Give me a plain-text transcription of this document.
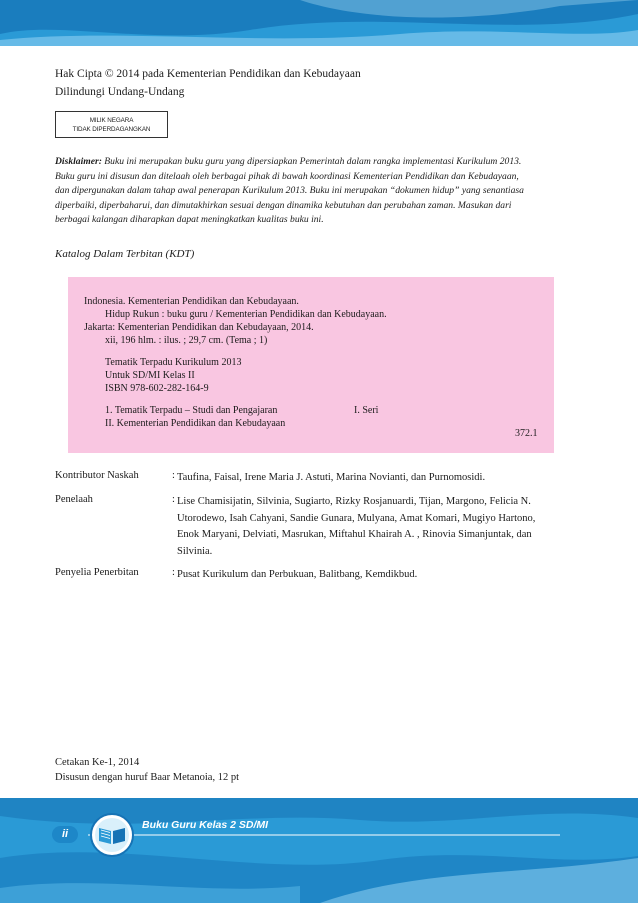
Hak Cipta © 2014 pada Kementerian Pendidikan dan Kebudayaan
Dilindungi Undang-Undang
MILIK NEGARA
TIDAK DIPERDAGANGKAN
Disklaimer: Buku ini merupakan buku guru yang dipersiapkan Pemerintah dalam rangka implementasi Kurikulum 2013.
Buku guru ini disusun dan ditelaah oleh berbagai pihak di bawah koordinasi Kementerian Pendidikan dan Kebudayaan,
dan dipergunakan dalam tahap awal penerapan Kurikulum 2013. Buku ini merupakan “dokumen hidup” yang senantiasa
diperbaiki, diperbaharui, dan dimutakhirkan sesuai dengan dinamika kebutuhan dan perubahan zaman. Masukan dari
berbagai kalangan diharapkan dapat meningkatkan kualitas buku ini.
Katalog Dalam Terbitan (KDT)
Indonesia. Kementerian Pendidikan dan Kebudayaan.
Hidup Rukun : buku guru / Kementerian Pendidikan dan Kebudayaan.
Jakarta: Kementerian Pendidikan dan Kebudayaan, 2014.
xii, 196 hlm. : ilus. ; 29,7 cm. (Tema ; 1)
Tematik Terpadu Kurikulum 2013
Untuk SD/MI Kelas II
ISBN 978-602-282-164-9
1. Tematik Terpadu – Studi dan Pengajaran	I. Seri
II. Kementerian Pendidikan dan Kebudayaan
372.1
Kontributor Naskah	: Taufina, Faisal, Irene Maria J. Astuti, Marina Novianti, dan Purnomosidi.
Penelaah	: Lise Chamisijatin, Silvinia, Sugiarto, Rizky Rosjanuardi, Tijan, Margono, Felicia N.
Utorodewo, Isah Cahyani, Sandie Gunara, Mulyana, Amat Komari, Mugiyo Hartono,
Enok Maryani, Delviati, Masrukan, Miftahul Khairah A. , Rinovia Simanjuntak, dan
Silvinia.
Penyelia Penerbitan	: Pusat Kurikulum dan Perbukuan, Balitbang, Kemdikbud.
Cetakan Ke-1, 2014
Disusun dengan huruf Baar Metanoia, 12 pt
ii
Buku Guru Kelas 2 SD/MI
